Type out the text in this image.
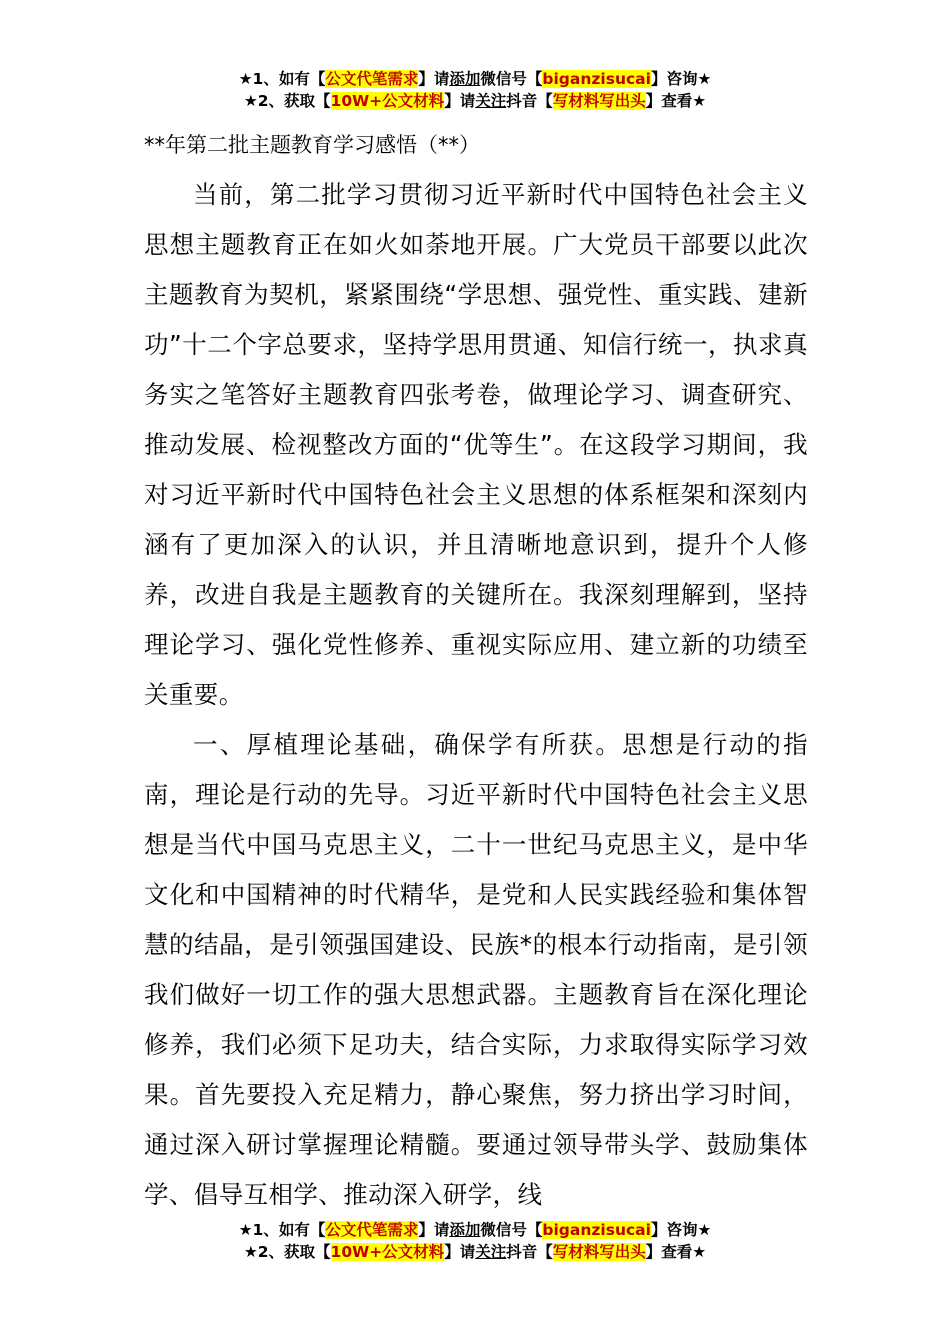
★1、如有【公文代笔需求】请添加微信号【biganzisucai】咨询★
★2、获取【10W+公文材料】请关注抖音【写材料写出头】查看★
**年第二批主题教育学习感悟（**）

当前，第二批学习贯彻习近平新时代中国特色社会主义思想主题教育正在如火如荼地开展。广大党员干部要以此次主题教育为契机，紧紧围绕“学思想、强党性、重实践、建新功”十二个字总要求，坚持学思用贯通、知信行统一，执求真务实之笔答好主题教育四张考卷，做理论学习、调查研究、推动发展、检视整改方面的“优等生”。在这段学习期间，我对习近平新时代中国特色社会主义思想的体系框架和深刻内涵有了更加深入的认识，并且清晰地意识到，提升个人修养，改进自我是主题教育的关键所在。我深刻理解到，坚持理论学习、强化党性修养、重视实际应用、建立新的功绩至关重要。

一、厚植理论基础，确保学有所获。思想是行动的指南，理论是行动的先导。习近平新时代中国特色社会主义思想是当代中国马克思主义，二十一世纪马克思主义，是中华文化和中国精神的时代精华，是党和人民实践经验和集体智慧的结晶，是引领强国建设、民族*的根本行动指南，是引领我们做好一切工作的强大思想武器。主题教育旨在深化理论修养，我们必须下足功夫，结合实际，力求取得实际学习效果。首先要投入充足精力，静心聚焦，努力挤出学习时间，通过深入研讨掌握理论精髓。要通过领导带头学、鼓励集体学、倡导互相学、推动深入研学，线

★1、如有【公文代笔需求】请添加微信号【biganzisucai】咨询★
★2、获取【10W+公文材料】请关注抖音【写材料写出头】查看★
